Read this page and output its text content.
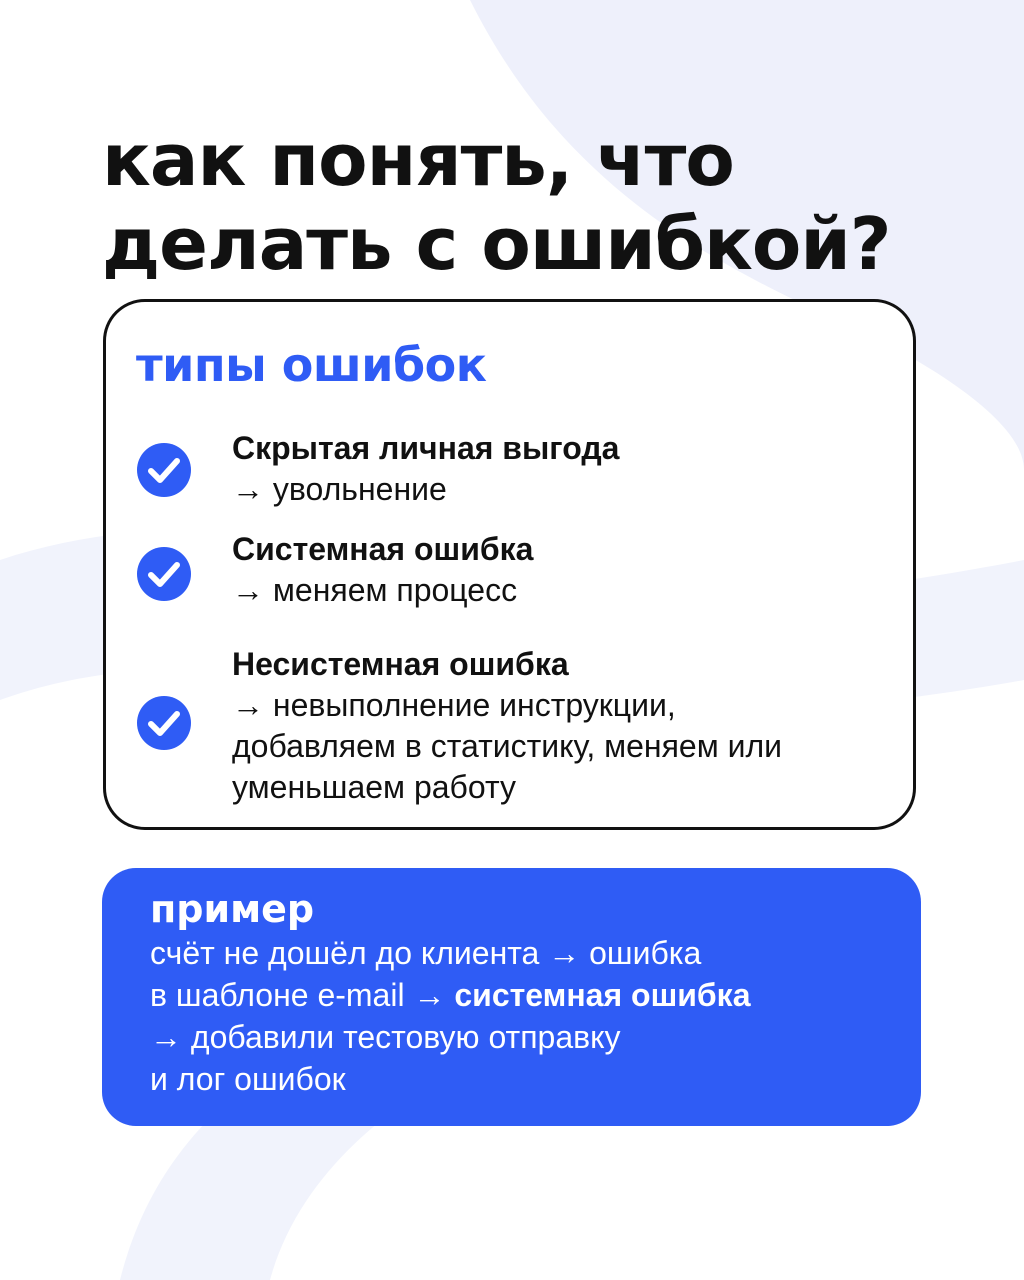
как понять, что
делать с ошибкой?
типы ошибок
Скрытая личная выгода
→ увольнение
Системная ошибка
→ меняем процесс
Несистемная ошибка
→ невыполнение инструкции,
добавляем в статистику, меняем или
уменьшаем работу
пример
счёт не дошёл до клиента → ошибка
в шаблоне e-mail → системная ошибка
→ добавили тестовую отправку
и лог ошибок
